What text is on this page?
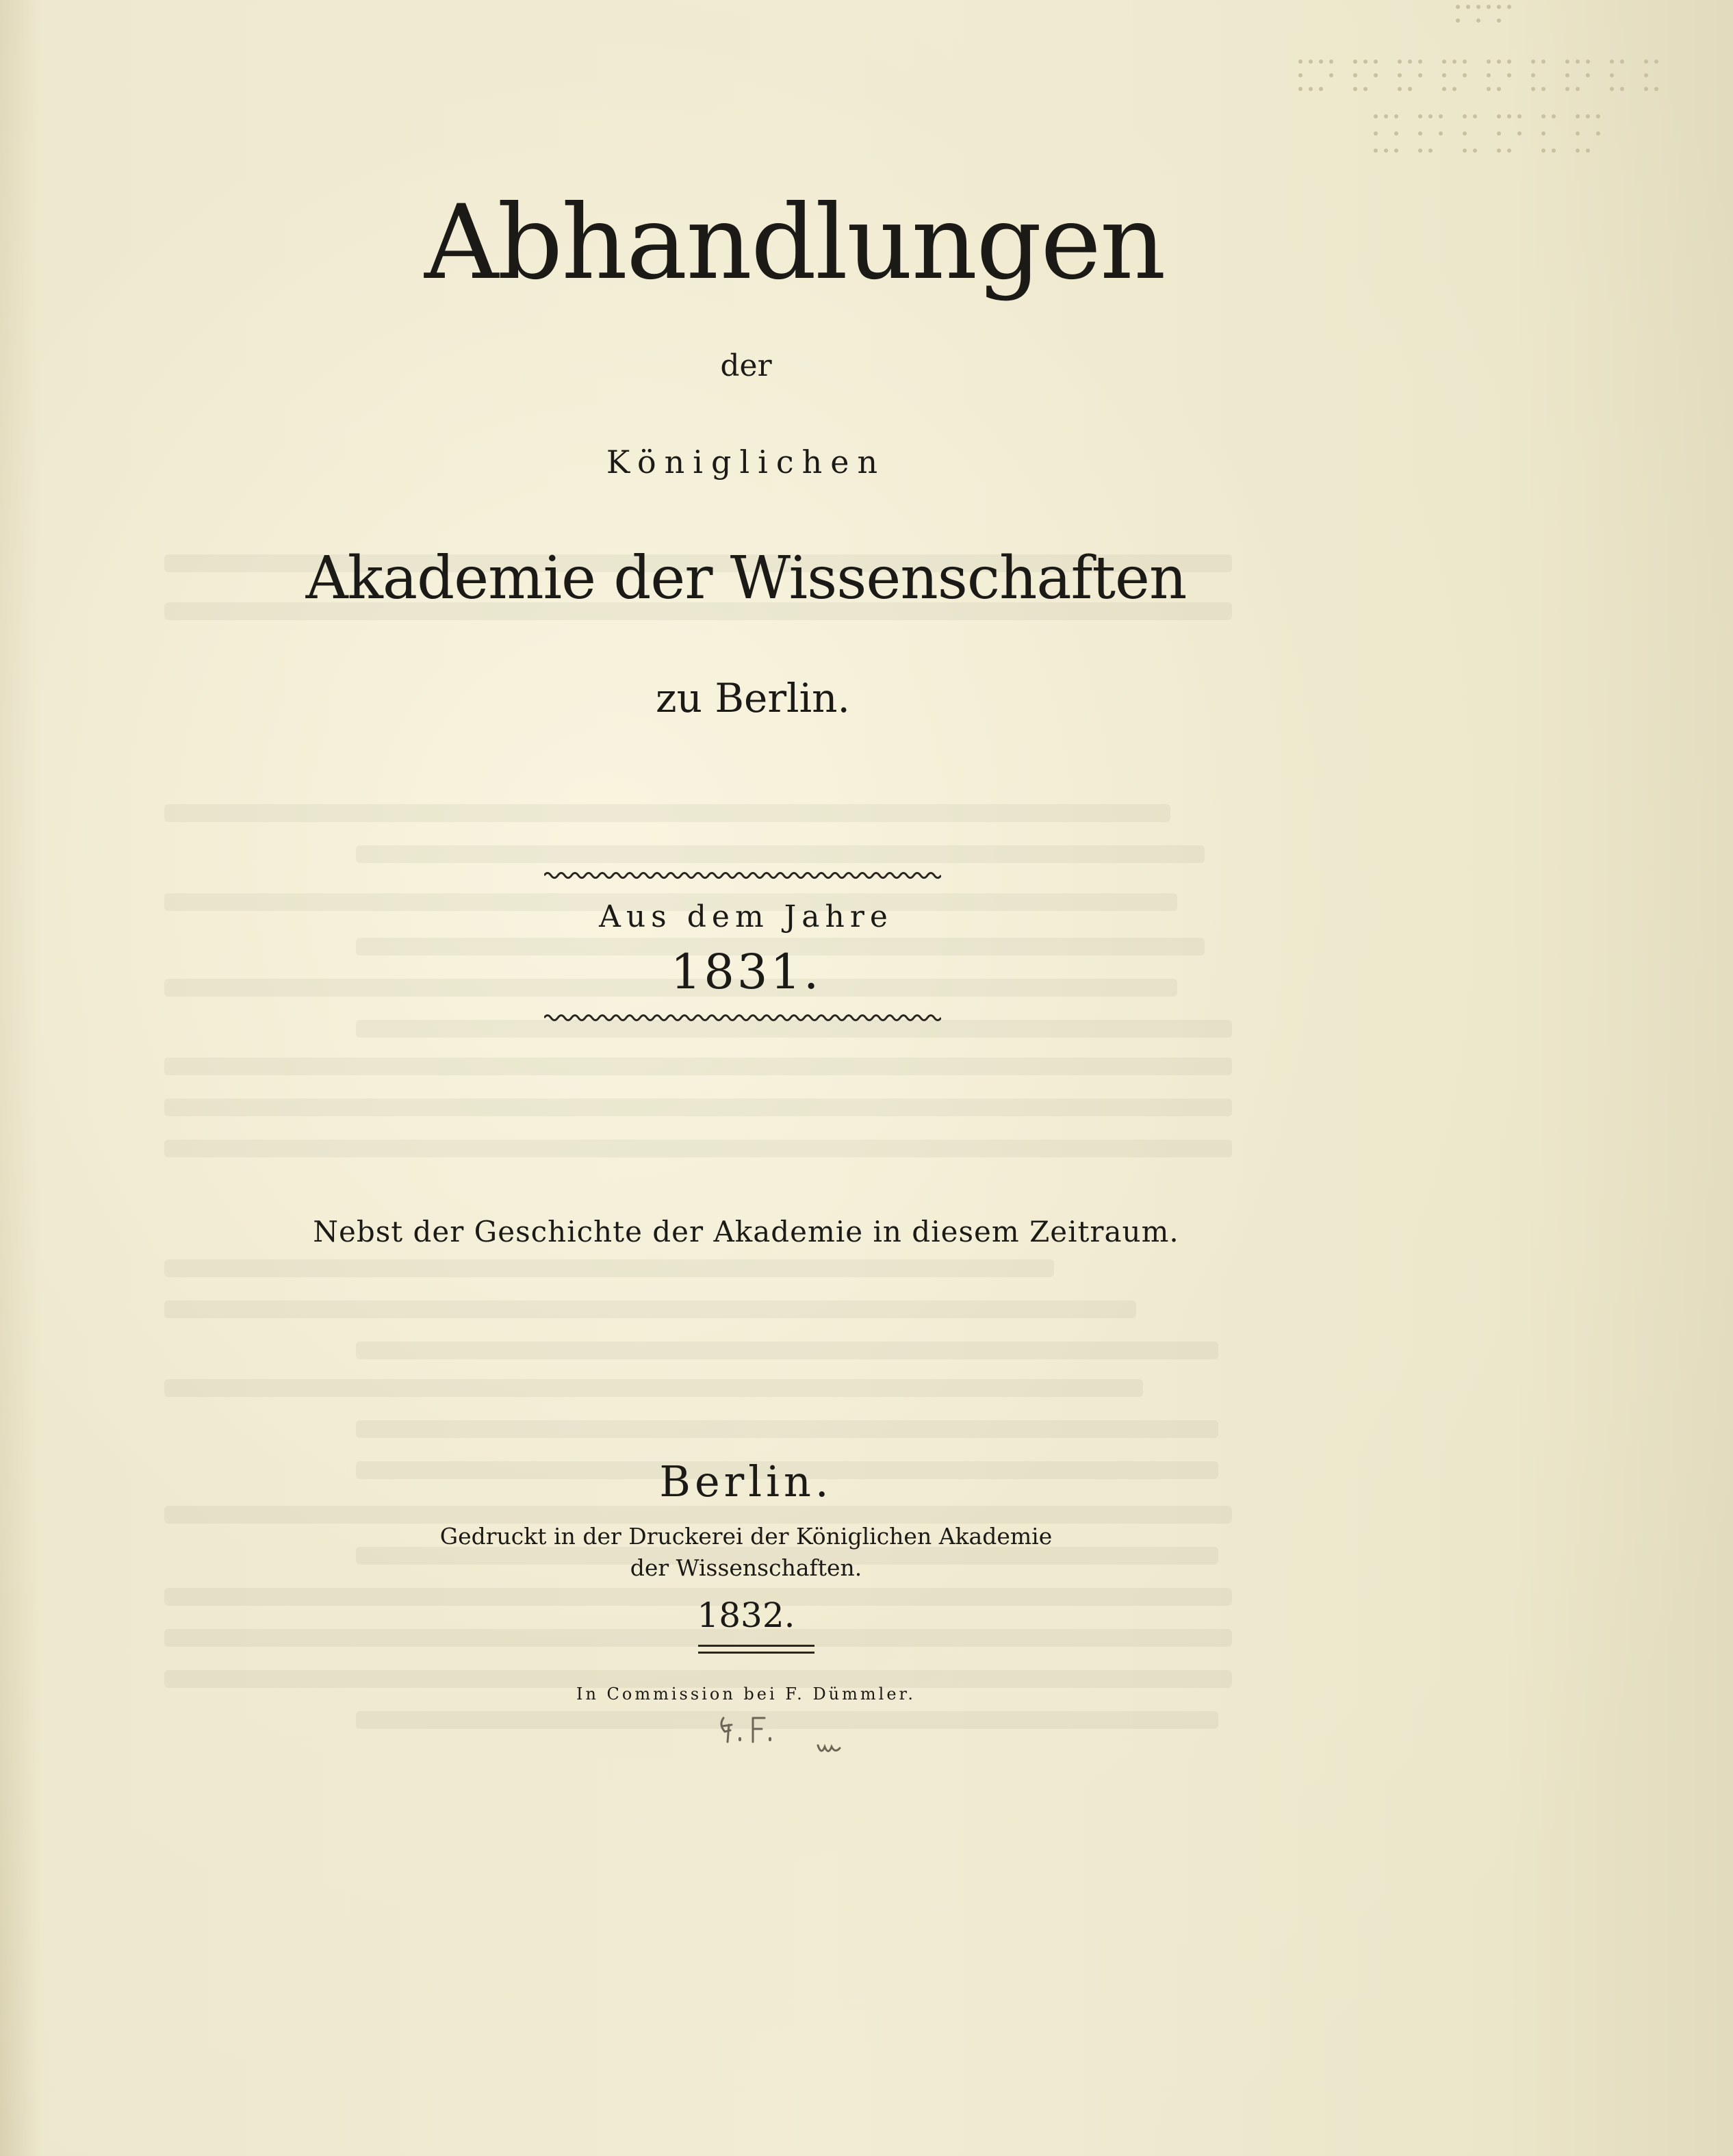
Abhandlungen
der
Königlichen
Akademie der Wissenschaften
zu Berlin.
Aus dem Jahre
1831.
Nebst der Geschichte der Akademie in diesem Zeitraum.
Berlin.
Gedruckt in der Druckerei der Königlichen Akademie
der Wissenschaften.
1832.
In Commission bei F. Dümmler.
